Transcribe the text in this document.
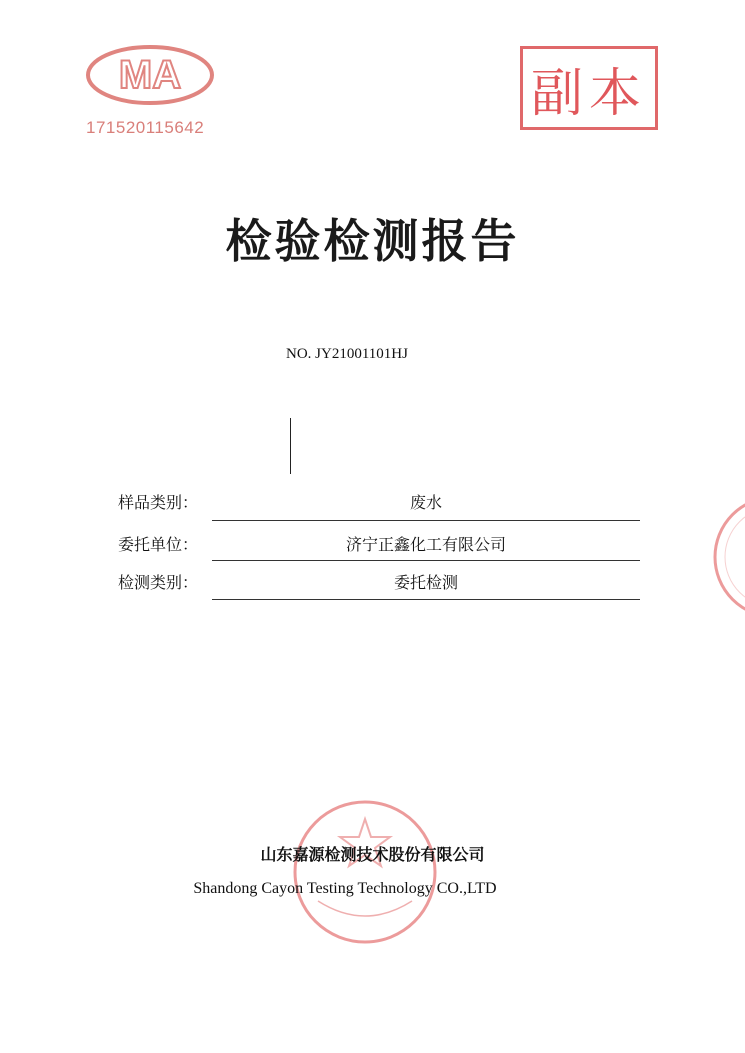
MA
171520115642
副本
检验检测报告
NO. JY21001101HJ
样品类别：	废水
委托单位：	济宁正鑫化工有限公司
检测类别：	委托检测
山东嘉源检测技术股份有限公司
Shandong Cayon Testing Technology CO.,LTD
